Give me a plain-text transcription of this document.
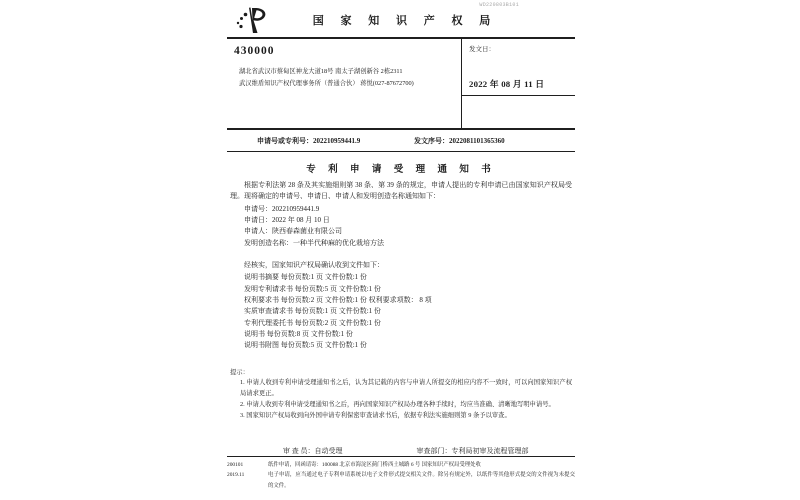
WD220803B101
国 家 知 识 产 权 局
430000
湖北省武汉市蔡甸区神龙大道18号 南太子湖创新谷 2栋2311
武汉维盾知识产权代理事务所（普通合伙） 蒋悦(027-87672700)
发文日：
2022 年 08 月 11 日
申请号或专利号：202210959441.9	发文序号：2022081101365360
专 利 申 请 受 理 通 知 书

根据专利法第 28 条及其实施细则第 38 条、第 39 条的规定，申请人提出的专利申请已由国家知识产权局受理。现将确定的申请号、申请日、申请人和发明创造名称通知如下：

申请号：202210959441.9
申请日：2022 年 08 月 10 日
申请人：陕西春森菌业有限公司
发明创造名称：一种半代种麻的优化栽培方法
经核实，国家知识产权局确认收到文件如下：
说明书摘要 每份页数:1 页 文件份数:1 份
发明专利请求书 每份页数:5 页 文件份数:1 份
权利要求书 每份页数:2 页 文件份数:1 份 权利要求项数： 8 项
实质审查请求书 每份页数:1 页 文件份数:1 份
专利代理委托书 每份页数:2 页 文件份数:1 份
说明书 每份页数:8 页 文件份数:1 份
说明书附图 每份页数:5 页 文件份数:1 份
提示：
1. 申请人收到专利申请受理通知书之后，认为其记载的内容与申请人所提交的相应内容不一致时，可以向国家知识产权局请求更正。
2. 申请人收到专利申请受理通知书之后，再向国家知识产权局办理各种手续时，均应当准确、清晰地写明申请号。
3. 国家知识产权局收到向外国申请专利保密审查请求书后，依据专利法实施细则第 9 条予以审查。
审 查 员：自动受理	审查部门：专利局初审及流程管理部
200101
2019.11
纸件申请，回函请寄：100088 北京市海淀区蓟门桥西土城路 6 号 国家知识产权局受理处收
电子申请，应当通过电子专利申请系统以电子文件形式提交相关文件。除另有规定外，以纸件等其他形式提交的文件视为未提交的文件。
